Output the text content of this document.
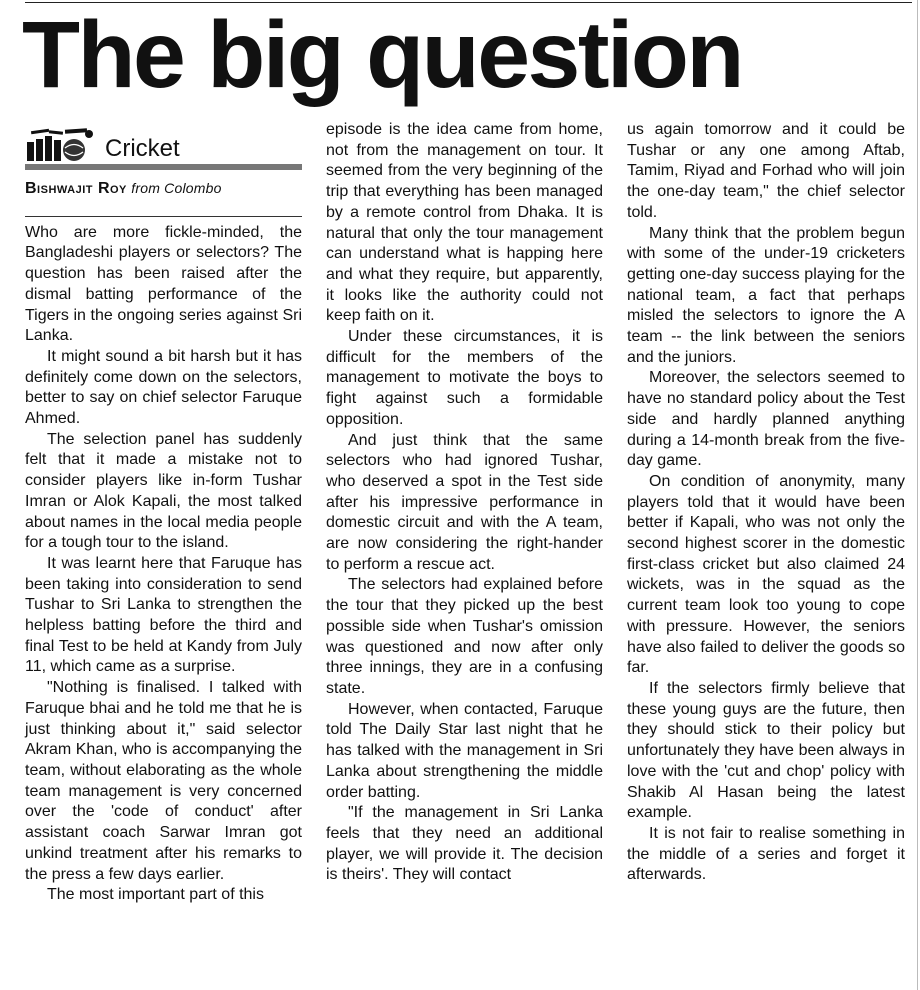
The big question
Cricket
Bishwajit Roy from Colombo

Who are more fickle-minded, the Bangladeshi players or selectors? The question has been raised after the dismal batting performance of the Tigers in the ongoing series against Sri Lanka.

It might sound a bit harsh but it has definitely come down on the selectors, better to say on chief selector Faruque Ahmed.

The selection panel has suddenly felt that it made a mistake not to consider players like in-form Tushar Imran or Alok Kapali, the most talked about names in the local media people for a tough tour to the island.

It was learnt here that Faruque has been taking into consideration to send Tushar to Sri Lanka to strengthen the helpless batting before the third and final Test to be held at Kandy from July 11, which came as a surprise.

"Nothing is finalised. I talked with Faruque bhai and he told me that he is just thinking about it," said selector Akram Khan, who is accompanying the team, without elaborating as the whole team management is very concerned over the 'code of conduct' after assistant coach Sarwar Imran got unkind treatment after his remarks to the press a few days earlier.

The most important part of this

episode is the idea came from home, not from the management on tour. It seemed from the very beginning of the trip that everything has been managed by a remote control from Dhaka. It is natural that only the tour management can understand what is happing here and what they require, but apparently, it looks like the authority could not keep faith on it.

Under these circumstances, it is difficult for the members of the management to motivate the boys to fight against such a formidable opposition.

And just think that the same selectors who had ignored Tushar, who deserved a spot in the Test side after his impressive performance in domestic circuit and with the A team, are now considering the right-hander to perform a rescue act.

The selectors had explained before the tour that they picked up the best possible side when Tushar's omission was questioned and now after only three innings, they are in a confusing state.

However, when contacted, Faruque told The Daily Star last night that he has talked with the management in Sri Lanka about strengthening the middle order batting.

"If the management in Sri Lanka feels that they need an additional player, we will provide it. The decision is theirs'. They will contact

us again tomorrow and it could be Tushar or any one among Aftab, Tamim, Riyad and Forhad who will join the one-day team," the chief selector told.

Many think that the problem begun with some of the under-19 cricketers getting one-day success playing for the national team, a fact that perhaps misled the selectors to ignore the A team -- the link between the seniors and the juniors.

Moreover, the selectors seemed to have no standard policy about the Test side and hardly planned anything during a 14-month break from the five-day game.

On condition of anonymity, many players told that it would have been better if Kapali, who was not only the second highest scorer in the domestic first-class cricket but also claimed 24 wickets, was in the squad as the current team look too young to cope with pressure. However, the seniors have also failed to deliver the goods so far.

If the selectors firmly believe that these young guys are the future, then they should stick to their policy but unfortunately they have been always in love with the 'cut and chop' policy with Shakib Al Hasan being the latest example.

It is not fair to realise something in the middle of a series and forget it afterwards.
